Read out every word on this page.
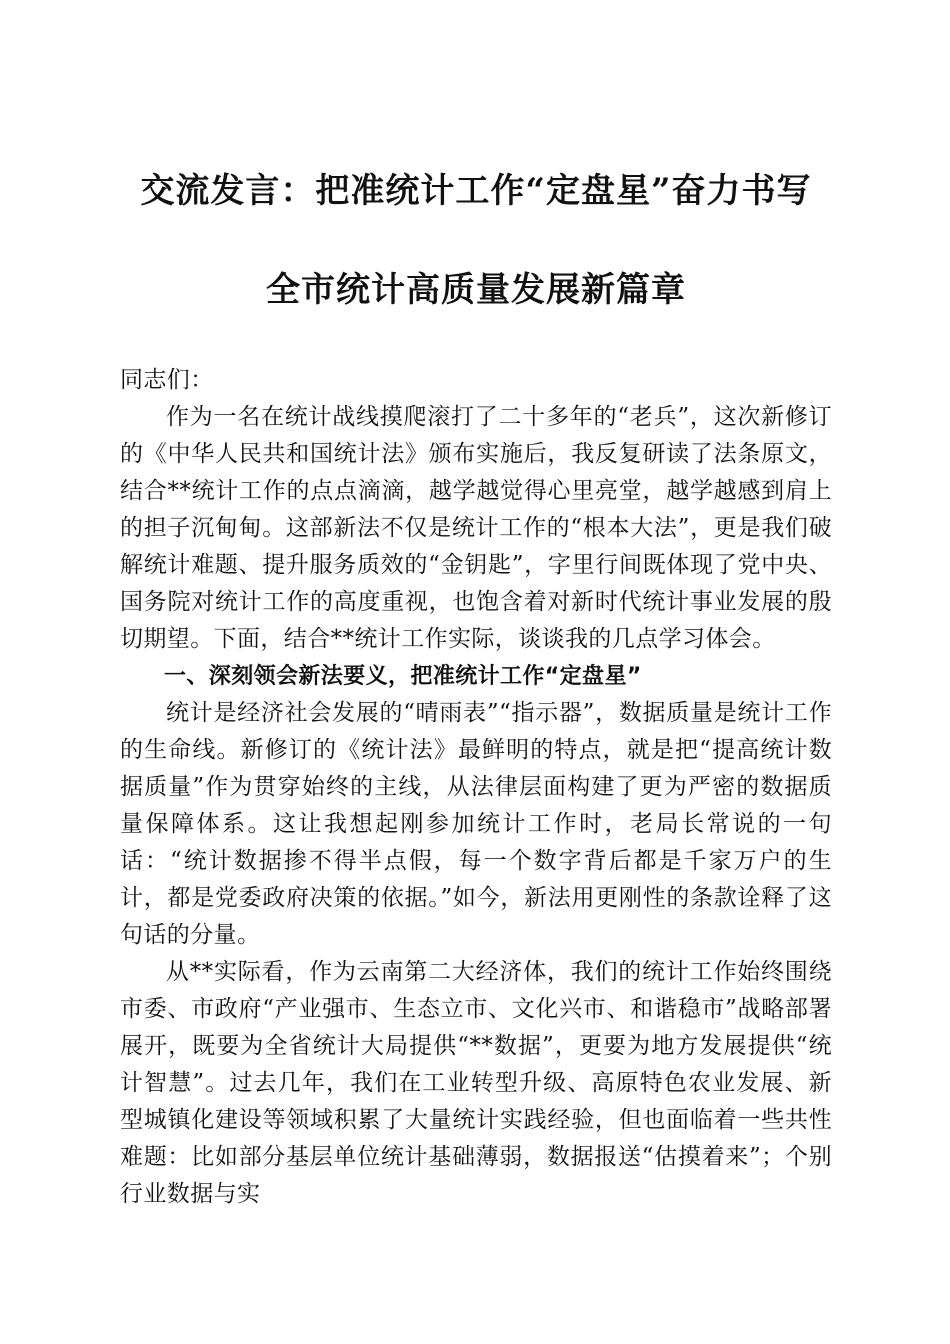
交流发言：把准统计工作“定盘星”奋力书写
全市统计高质量发展新篇章

同志们：

作为一名在统计战线摸爬滚打了二十多年的“老兵”，这次新修订的《中华人民共和国统计法》颁布实施后，我反复研读了法条原文，结合**统计工作的点点滴滴，越学越觉得心里亮堂，越学越感到肩上的担子沉甸甸。这部新法不仅是统计工作的“根本大法”，更是我们破解统计难题、提升服务质效的“金钥匙”，字里行间既体现了党中央、国务院对统计工作的高度重视，也饱含着对新时代统计事业发展的殷切期望。下面，结合**统计工作实际，谈谈我的几点学习体会。

一、深刻领会新法要义，把准统计工作“定盘星”

统计是经济社会发展的“晴雨表”“指示器”，数据质量是统计工作的生命线。新修订的《统计法》最鲜明的特点，就是把“提高统计数据质量”作为贯穿始终的主线，从法律层面构建了更为严密的数据质量保障体系。这让我想起刚参加统计工作时，老局长常说的一句话：“统计数据掺不得半点假，每一个数字背后都是千家万户的生计，都是党委政府决策的依据。”如今，新法用更刚性的条款诠释了这句话的分量。

从**实际看，作为云南第二大经济体，我们的统计工作始终围绕市委、市政府“产业强市、生态立市、文化兴市、和谐稳市”战略部署展开，既要为全省统计大局提供“**数据”，更要为地方发展提供“统计智慧”。过去几年，我们在工业转型升级、高原特色农业发展、新型城镇化建设等领域积累了大量统计实践经验，但也面临着一些共性难题：比如部分基层单位统计基础薄弱，数据报送“估摸着来”；个别行业数据与实
